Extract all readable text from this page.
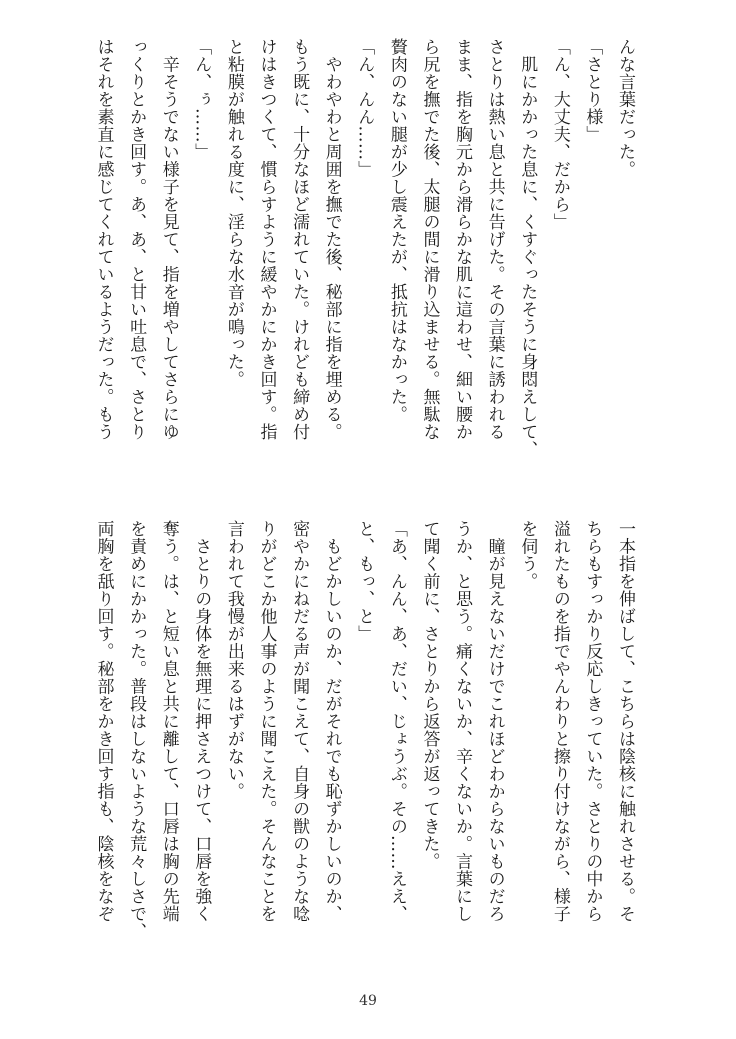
んな言葉だった。

「さとり様」

「ん、大丈夫、だから」

　肌にかかった息に、くすぐったそうに身悶えして、

さとりは熱い息と共に告げた。その言葉に誘われる

まま、指を胸元から滑らかな肌に這わせ、細い腰か

ら尻を撫でた後、太腿の間に滑り込ませる。無駄な

贅肉のない腿が少し震えたが、抵抗はなかった。

「ん、んん……」

　やわやわと周囲を撫でた後、秘部に指を埋める。

もう既に、十分なほど濡れていた。けれども締め付

けはきつくて、慣らすように緩やかにかき回す。指

と粘膜が触れる度に、淫らな水音が鳴った。

「ん、ぅ……」

　辛そうでない様子を見て、指を増やしてさらにゆ

っくりとかき回す。あ、あ、と甘い吐息で、さとり

はそれを素直に感じてくれているようだった。もう

一本指を伸ばして、こちらは陰核に触れさせる。そ

ちらもすっかり反応しきっていた。さとりの中から

溢れたものを指でやんわりと擦り付けながら、様子

を伺う。

　瞳が見えないだけでこれほどわからないものだろ

うか、と思う。痛くないか、辛くないか。言葉にし

て聞く前に、さとりから返答が返ってきた。

「あ、んん、あ、だい、じょうぶ。その……ええ、

と、もっ、と」

　もどかしいのか、だがそれでも恥ずかしいのか、

密やかにねだる声が聞こえて、自身の獣のような唸

りがどこか他人事のように聞こえた。そんなことを

言われて我慢が出来るはずがない。

　さとりの身体を無理に押さえつけて、口唇を強く

奪う。は、と短い息と共に離して、口唇は胸の先端

を責めにかかった。普段はしないような荒々しさで、

両胸を舐り回す。秘部をかき回す指も、陰核をなぞ

49
